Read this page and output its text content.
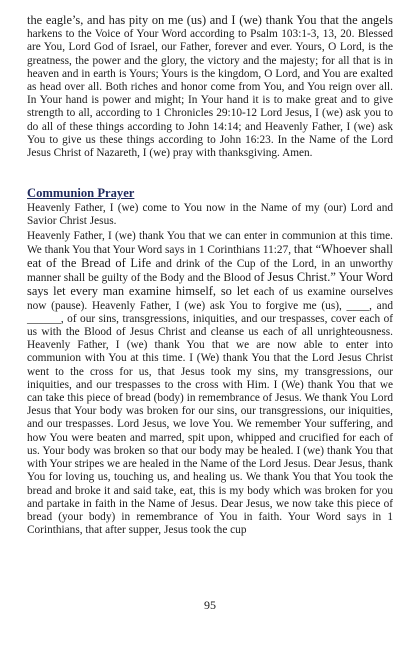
the eagle’s, and has pity on me (us) and I (we) thank You that the angels harkens to the Voice of Your Word according to Psalm 103:1-3, 13, 20. Blessed are You, Lord God of Israel, our Father, forever and ever. Yours, O Lord, is the greatness, the power and the glory, the victory and the majesty; for all that is in heaven and in earth is Yours; Yours is the kingdom, O Lord, and You are exalted as head over all. Both riches and honor come from You, and You reign over all. In Your hand is power and might; In Your hand it is to make great and to give strength to all, according to 1 Chronicles 29:10-12 Lord Jesus, I (we) ask you to do all of these things according to John 14:14; and Heavenly Father, I (we) ask You to give us these things according to John 16:23. In the Name of the Lord Jesus Christ of Nazareth, I (we) pray with thanksgiving. Amen.

Communion Prayer

Heavenly Father, I (we) come to You now in the Name of my (our) Lord and Savior Christ Jesus.

Heavenly Father, I (we) thank You that we can enter in communion at this time. We thank You that Your Word says in 1 Corinthians 11:27, that “Whoever shall eat of the Bread of Life and drink of the Cup of the Lord, in an unworthy manner shall be guilty of the Body and the Blood of Jesus Christ.” Your Word says let every man examine himself, so let each of us examine ourselves now (pause). Heavenly Father, I (we) ask You to forgive me (us), ____, and ______, of our sins, transgressions, iniquities, and our trespasses, cover each of us with the Blood of Jesus Christ and cleanse us each of all unrighteousness. Heavenly Father, I (we) thank You that we are now able to enter into communion with You at this time. I (We) thank You that the Lord Jesus Christ went to the cross for us, that Jesus took my sins, my transgressions, our iniquities, and our trespasses to the cross with Him. I (We) thank You that we can take this piece of bread (body) in remembrance of Jesus. We thank You Lord Jesus that Your body was broken for our sins, our transgressions, our iniquities, and our trespasses. Lord Jesus, we love You. We remember Your suffering, and how You were beaten and marred, spit upon, whipped and crucified for each of us. Your body was broken so that our body may be healed. I (we) thank You that with Your stripes we are healed in the Name of the Lord Jesus. Dear Jesus, thank You for loving us, touching us, and healing us. We thank You that You took the bread and broke it and said take, eat, this is my body which was broken for you and partake in faith in the Name of Jesus. Dear Jesus, we now take this piece of bread (your body) in remembrance of You in faith. Your Word says in 1 Corinthians, that after supper, Jesus took the cup

95
